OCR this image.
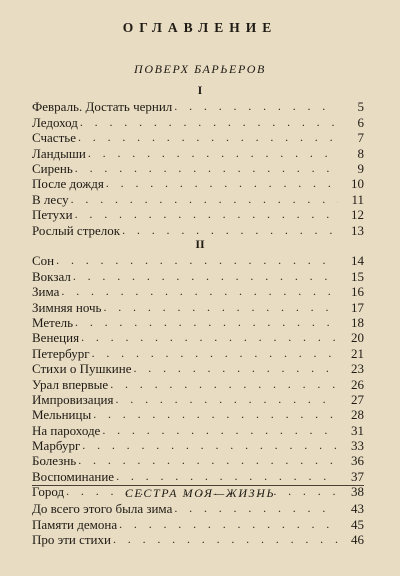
ОГЛАВЛЕНИЕ
ПОВЕРХ БАРЬЕРОВ
I
Февраль. Достать чернил . . .	5
Ледоход . . .	6
Счастье . . .	7
Ландыши . . .	8
Сирень . . .	9
После дождя . . .	10
В лесу . . .	11
Петухи . . .	12
Рослый стрелок . . .	13
II
Сон . . .	14
Вокзал . . .	15
Зима . . .	16
Зимняя ночь . . .	17
Метель . . .	18
Венеция . . .	20
Петербург . . .	21
Стихи о Пушкине . . .	23
Урал впервые . . .	26
Импровизация . . .	27
Мельницы . . .	28
На пароходе . . .	31
Марбург . . .	33
Болезнь . . .	36
Воспоминание . . .	37
Город . . .	38
СЕСТРА МОЯ—ЖИЗНЬ
До всего этого была зима . . .	43
Памяти демона . . .	45
Про эти стихи . . .	46
